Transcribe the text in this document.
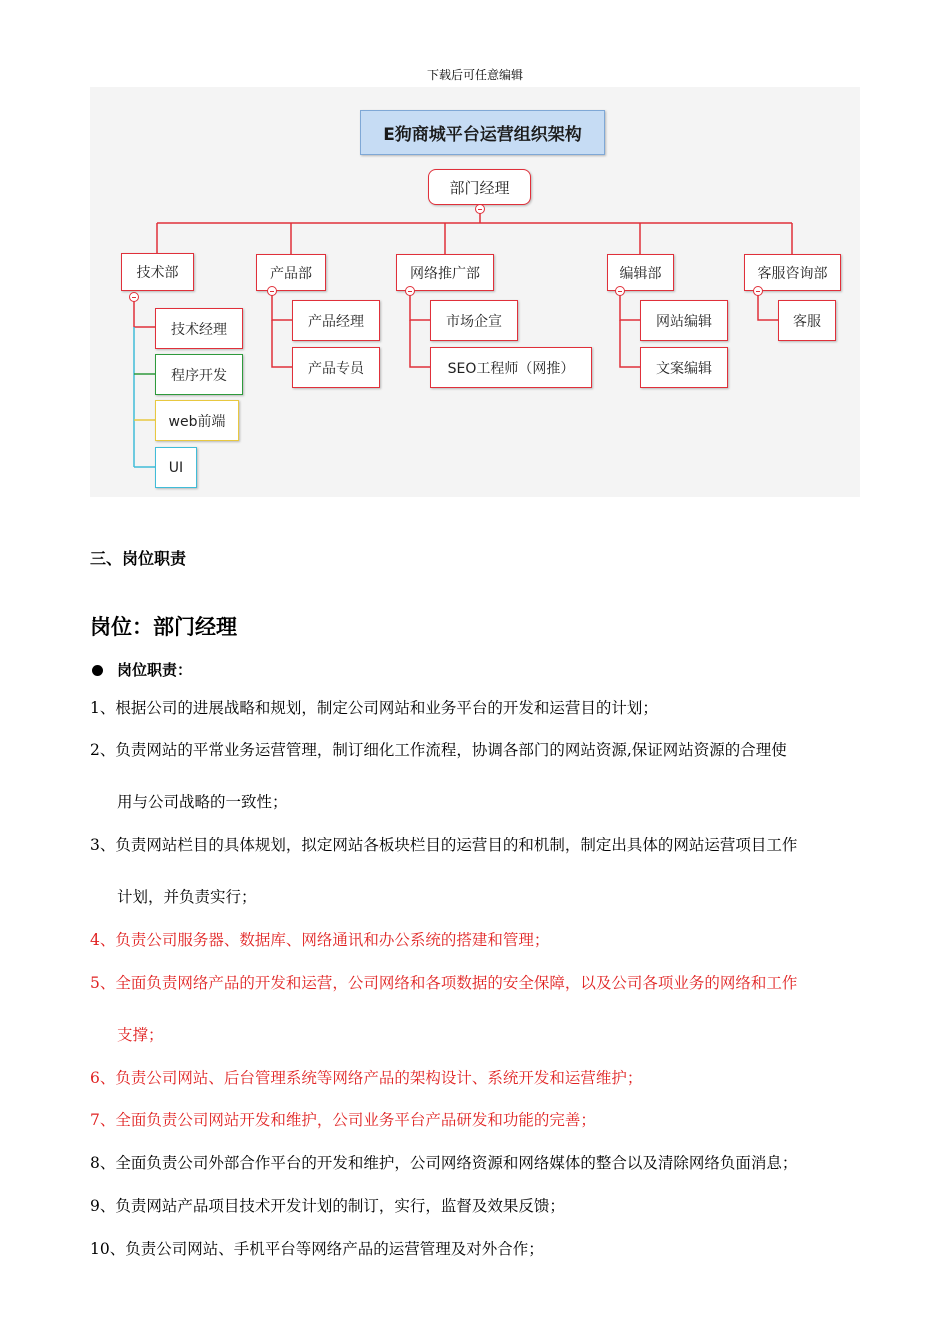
下载后可任意编辑
E狗商城平台运营组织架构
部门经理
技术部	产品部	网络推广部	编辑部	客服咨询部
技术经理
程序开发
web前端
UI
产品经理
产品专员
市场企宣
SEO工程师（网推）
网站编辑
文案编辑
客服
三、岗位职责
岗位：部门经理
岗位职责：
1、根据公司的进展战略和规划，制定公司网站和业务平台的开发和运营目的计划；
2、负责网站的平常业务运营管理，制订细化工作流程，协调各部门的网站资源,保证网站资源的合理使
用与公司战略的一致性；
3、负责网站栏目的具体规划，拟定网站各板块栏目的运营目的和机制，制定出具体的网站运营项目工作
计划，并负责实行；
4、负责公司服务器、数据库、网络通讯和办公系统的搭建和管理；
5、全面负责网络产品的开发和运营，公司网络和各项数据的安全保障，以及公司各项业务的网络和工作
支撑；
6、负责公司网站、后台管理系统等网络产品的架构设计、系统开发和运营维护；
7、全面负责公司网站开发和维护，公司业务平台产品研发和功能的完善；
8、全面负责公司外部合作平台的开发和维护，公司网络资源和网络媒体的整合以及清除网络负面消息；
9、负责网站产品项目技术开发计划的制订，实行，监督及效果反馈；
10、负责公司网站、手机平台等网络产品的运营管理及对外合作；
